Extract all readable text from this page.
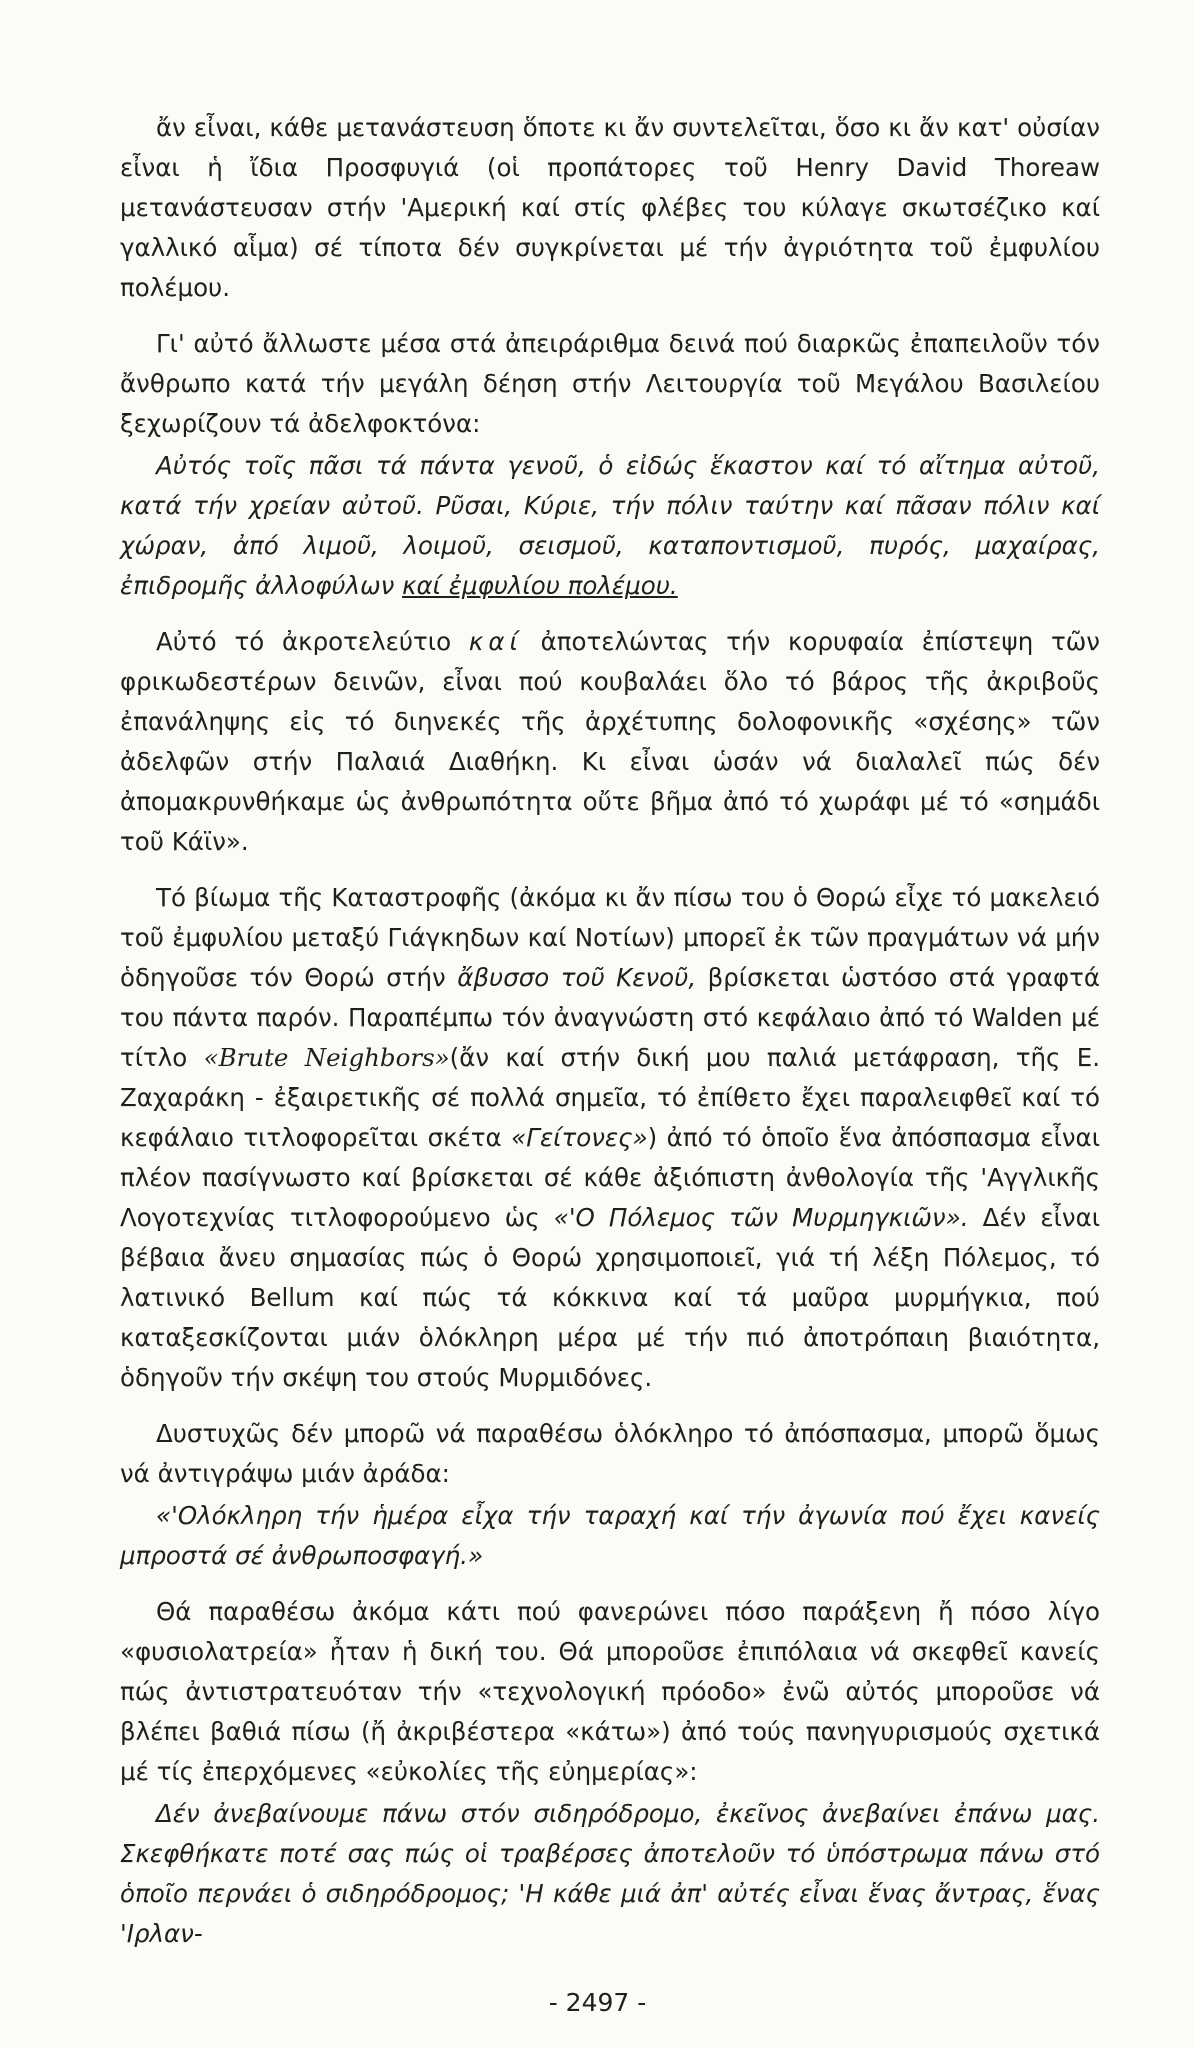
ἄν εἶναι, κάθε μετανάστευση ὅποτε κι ἄν συντελεῖται, ὅσο κι ἄν κατ' οὐσίαν εἶναι ἡ ἴδια Προσφυγιά (οἱ προπάτορες τοῦ Henry David Thoreaw μετανάστευσαν στήν 'Αμερική καί στίς φλέβες του κύλαγε σκωτσέζικο καί γαλλικό αἷμα) σέ τίποτα δέν συγκρίνεται μέ τήν ἀγριότητα τοῦ ἐμφυλίου πολέμου.

Γι' αὐτό ἄλλωστε μέσα στά ἀπειράριθμα δεινά πού διαρκῶς ἐπαπειλοῦν τόν ἄνθρωπο κατά τήν μεγάλη δέηση στήν Λειτουργία τοῦ Μεγάλου Βασιλείου ξεχωρίζουν τά ἀδελφοκτόνα:

Αὐτός τοῖς πᾶσι τά πάντα γενοῦ, ὁ εἰδώς ἕκαστον καί τό αἴτημα αὐτοῦ, κατά τήν χρείαν αὐτοῦ. Ρῦσαι, Κύριε, τήν πόλιν ταύτην καί πᾶσαν πόλιν καί χώραν, ἀπό λιμοῦ, λοιμοῦ, σεισμοῦ, καταποντισμοῦ, πυρός, μαχαίρας, ἐπιδρομῆς ἀλλοφύλων καί ἐμφυλίου πολέμου.

Αὐτό τό ἀκροτελεύτιο καί ἀποτελώντας τήν κορυφαία ἐπίστεψη τῶν φρικωδεστέρων δεινῶν, εἶναι πού κουβαλάει ὅλο τό βάρος τῆς ἀκριβοῦς ἐπανάληψης εἰς τό διηνεκές τῆς ἀρχέτυπης δολοφονικῆς «σχέσης» τῶν ἀδελφῶν στήν Παλαιά Διαθήκη. Κι εἶναι ὡσάν νά διαλαλεῖ πώς δέν ἀπομακρυνθήκαμε ὡς ἀνθρωπότητα οὔτε βῆμα ἀπό τό χωράφι μέ τό «σημάδι τοῦ Κάϊν».

Τό βίωμα τῆς Καταστροφῆς (ἀκόμα κι ἄν πίσω του ὁ Θορώ εἶχε τό μακελειό τοῦ ἐμφυλίου μεταξύ Γιάγκηδων καί Νοτίων) μπορεῖ ἐκ τῶν πραγμάτων νά μήν ὁδηγοῦσε τόν Θορώ στήν ἄβυσσο τοῦ Κενοῦ, βρίσκεται ὡστόσο στά γραφτά του πάντα παρόν. Παραπέμπω τόν ἀναγνώστη στό κεφάλαιο ἀπό τό Walden μέ τίτλο «Brute Neighbors»(ἄν καί στήν δική μου παλιά μετάφραση, τῆς Ε. Ζαχαράκη - ἐξαιρετικῆς σέ πολλά σημεῖα, τό ἐπίθετο ἔχει παραλειφθεῖ καί τό κεφάλαιο τιτλοφορεῖται σκέτα «Γείτονες») ἀπό τό ὁποῖο ἕνα ἀπόσπασμα εἶναι πλέον πασίγνωστο καί βρίσκεται σέ κάθε ἀξιόπιστη ἀνθολογία τῆς 'Αγγλικῆς Λογοτεχνίας τιτλοφορούμενο ὡς «'Ο Πόλεμος τῶν Μυρμηγκιῶν». Δέν εἶναι βέβαια ἄνευ σημασίας πώς ὁ Θορώ χρησιμοποιεῖ, γιά τή λέξη Πόλεμος, τό λατινικό Bellum καί πώς τά κόκκινα καί τά μαῦρα μυρμήγκια, πού καταξεσκίζονται μιάν ὁλόκληρη μέρα μέ τήν πιό ἀποτρόπαιη βιαιότητα, ὁδηγοῦν τήν σκέψη του στούς Μυρμιδόνες.

Δυστυχῶς δέν μπορῶ νά παραθέσω ὁλόκληρο τό ἀπόσπασμα, μπορῶ ὅμως νά ἀντιγράψω μιάν ἀράδα:

«'Ολόκληρη τήν ἡμέρα εἶχα τήν ταραχή καί τήν ἀγωνία πού ἔχει κανείς μπροστά σέ ἀνθρωποσφαγή.»

Θά παραθέσω ἀκόμα κάτι πού φανερώνει πόσο παράξενη ἤ πόσο λίγο «φυσιολατρεία» ἦταν ἡ δική του. Θά μποροῦσε ἐπιπόλαια νά σκεφθεῖ κανείς πώς ἀντιστρατευόταν τήν «τεχνολογική πρόοδο» ἐνῶ αὐτός μποροῦσε νά βλέπει βαθιά πίσω (ἤ ἀκριβέστερα «κάτω») ἀπό τούς πανηγυρισμούς σχετικά μέ τίς ἐπερχόμενες «εὐκολίες τῆς εὐημερίας»:

Δέν ἀνεβαίνουμε πάνω στόν σιδηρόδρομο, ἐκεῖνος ἀνεβαίνει ἐπάνω μας. Σκεφθήκατε ποτέ σας πώς οἱ τραβέρσες ἀποτελοῦν τό ὑπόστρωμα πάνω στό ὁποῖο περνάει ὁ σιδηρόδρομος; 'Η κάθε μιά ἀπ' αὐτές εἶναι ἕνας ἄντρας, ἕνας 'Ιρλαν-

- 2497 -
